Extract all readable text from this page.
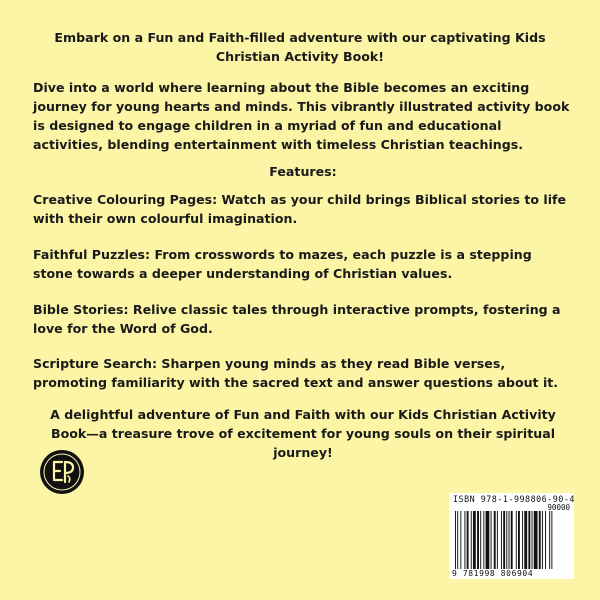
Embark on a Fun and Faith-filled adventure with our captivating Kids Christian Activity Book!

Dive into a world where learning about the Bible becomes an exciting journey for young hearts and minds. This vibrantly illustrated activity book is designed to engage children in a myriad of fun and educational activities, blending entertainment with timeless Christian teachings.

Features:

Creative Colouring Pages: Watch as your child brings Biblical stories to life with their own colourful imagination.

Faithful Puzzles: From crosswords to mazes, each puzzle is a stepping stone towards a deeper understanding of Christian values.

Bible Stories: Relive classic tales through interactive prompts, fostering a love for the Word of God.

Scripture Search: Sharpen young minds as they read Bible verses, promoting familiarity with the sacred text and answer questions about it.

A delightful adventure of Fun and Faith with our Kids Christian Activity Book—a treasure trove of excitement for young souls on their spiritual journey!

ISBN 978-1-998806-90-4
90000
9 781998 806904
